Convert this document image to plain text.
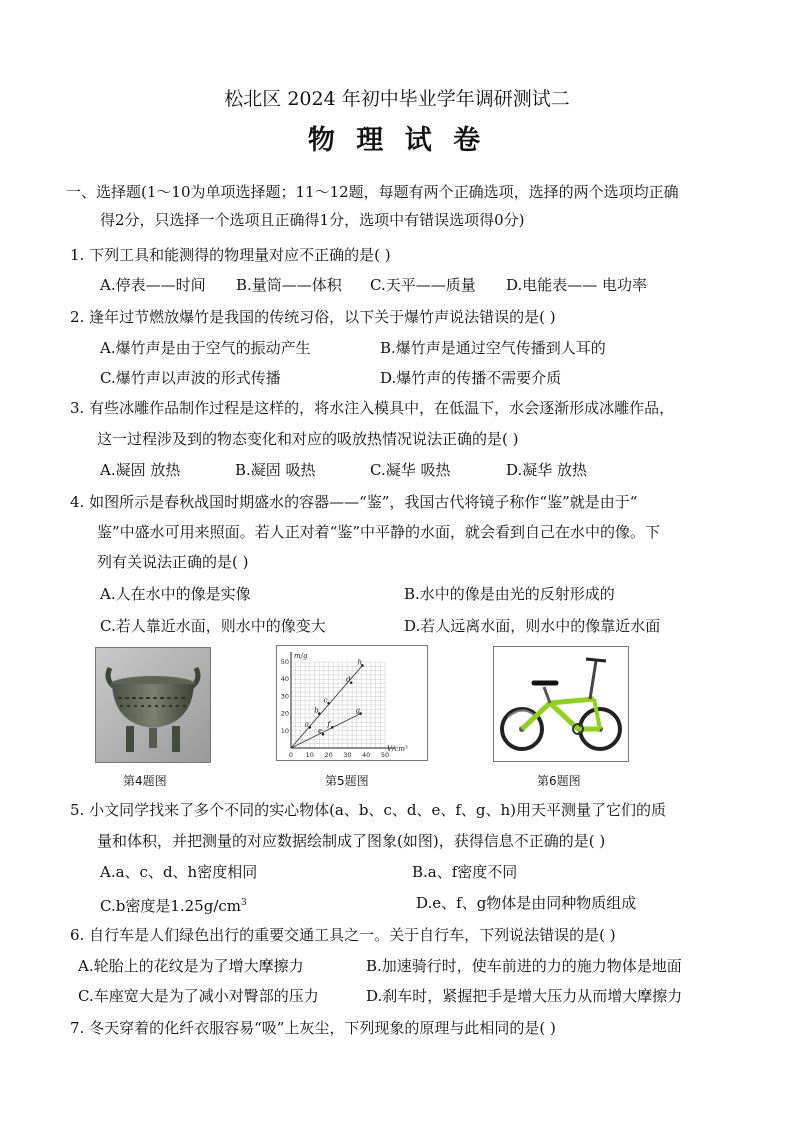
松北区 2024 年初中毕业学年调研测试二
物 理 试 卷
一、选择题(1～10为单项选择题；11～12题，每题有两个正确选项，选择的两个选项均正确
得2分，只选择一个选项且正确得1分，选项中有错误选项得0分)
1. 下列工具和能测得的物理量对应不正确的是( )
A.停表——时间 B.量筒——体积 C.天平——质量 D.电能表—— 电功率
2. 逢年过节燃放爆竹是我国的传统习俗，以下关于爆竹声说法错误的是( )
A.爆竹声是由于空气的振动产生	B.爆竹声是通过空气传播到人耳的
C.爆竹声以声波的形式传播	D.爆竹声的传播不需要介质
3. 有些冰雕作品制作过程是这样的，将水注入模具中，在低温下，水会逐渐形成冰雕作品，
这一过程涉及到的物态变化和对应的吸放热情况说法正确的是( )
A.凝固 放热	B.凝固 吸热	C.凝华 吸热	D.凝华 放热
4. 如图所示是春秋战国时期盛水的容器——“鉴”，我国古代将镜子称作“鉴”就是由于“
鉴”中盛水可用来照面。若人正对着“鉴”中平静的水面，就会看到自己在水中的像。下
列有关说法正确的是( )
A.人在水中的像是实像	B.水中的像是由光的反射形成的
C.若人靠近水面，则水中的像变大	D.若人远离水面，则水中的像靠近水面
0 10 20 30 40 50
10
20
30
40
50
m/g
V/cm³
a
b
c
d
h
e
f
g
第4题图	第5题图	第6题图
5. 小文同学找来了多个不同的实心物体(a、b、c、d、e、f、g、h)用天平测量了它们的质
量和体积，并把测量的对应数据绘制成了图象(如图)，获得信息不正确的是( )
A.a、c、d、h密度相同	B.a、f密度不同
C.b密度是$1.25g/cm^3$	D.e、f、g物体是由同种物质组成
6. 自行车是人们绿色出行的重要交通工具之一。关于自行车，下列说法错误的是( )
A.轮胎上的花纹是为了增大摩擦力	B.加速骑行时，使车前进的力的施力物体是地面
C.车座宽大是为了减小对臀部的压力	D.刹车时，紧握把手是增大压力从而增大摩擦力
7. 冬天穿着的化纤衣服容易“吸”上灰尘，下列现象的原理与此相同的是( )
